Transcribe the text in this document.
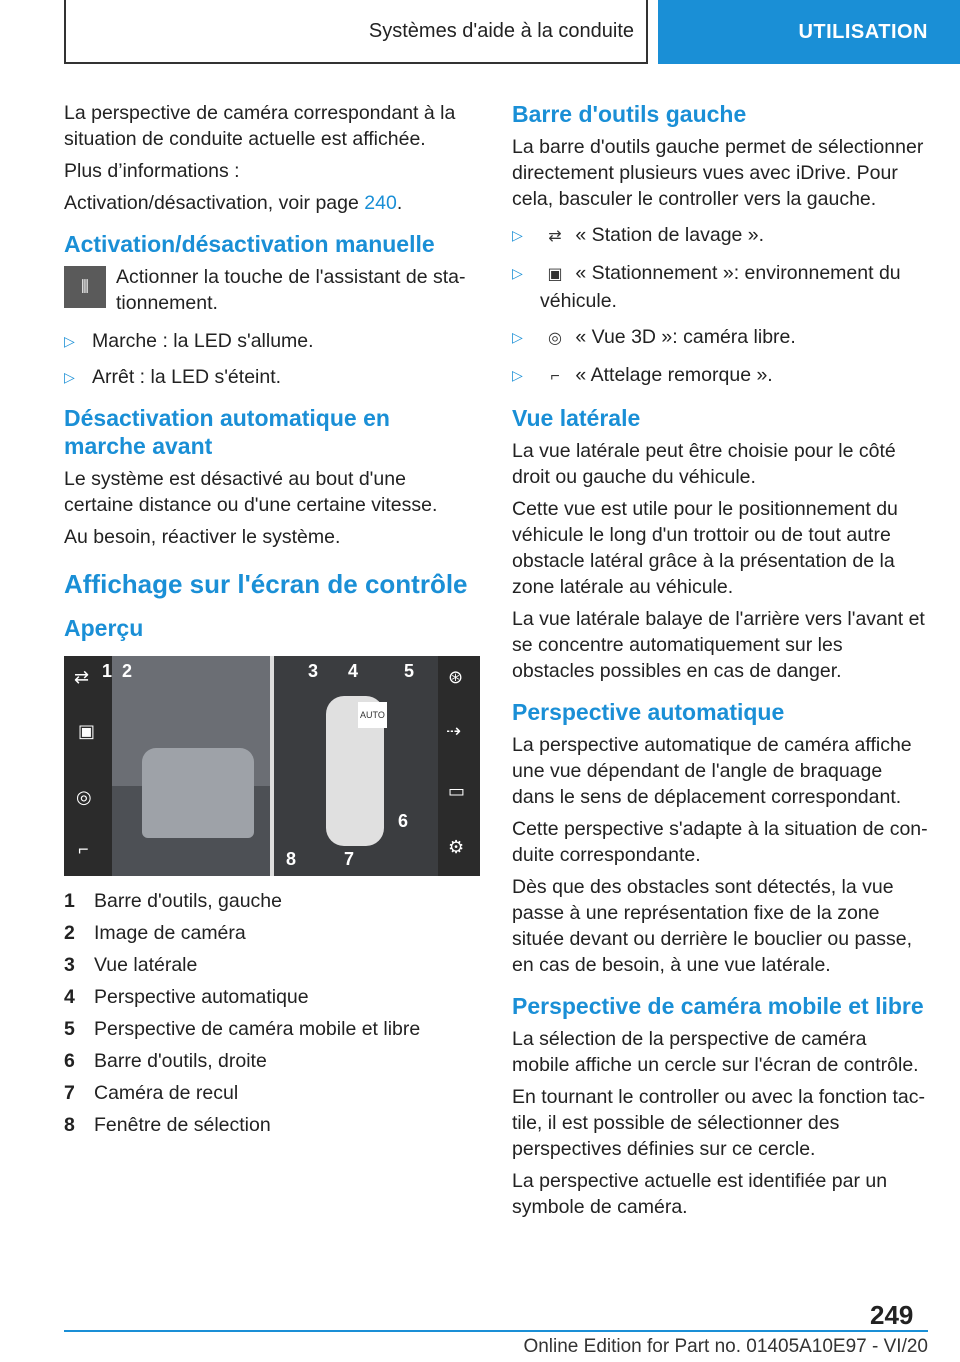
Systèmes d'aide à la conduite	UTILISATION

La perspective de caméra correspondant à la situation de conduite actuelle est affichée.

Plus d’informations :

Activation/désactivation, voir page 240.

Activation/désactivation manuelle
⦀	Actionner la touche de l'assistant de stationnement.
▷ Marche : la LED s'allume.
▷ Arrêt : la LED s'éteint.
Désactivation automatique en marche avant

Le système est désactivé au bout d'une certaine distance ou d'une certaine vitesse.

Au besoin, réactiver le système.

Affichage sur l'écran de contrôle
Aperçu
⇄
▣
◎
⌐
⊛
⇢
▭
⚙
AUTO
1 2	3 4	5
6
7
8
1 Barre d'outils, gauche
2 Image de caméra
3 Vue latérale
4 Perspective automatique
5 Perspective de caméra mobile et libre
6 Barre d'outils, droite
7 Caméra de recul
8 Fenêtre de sélection
Barre d'outils gauche

La barre d'outils gauche permet de sélectionner directement plusieurs vues avec iDrive. Pour cela, basculer le controller vers la gauche.

▷	⇄ « Station de lavage ».
▷	▣ « Stationnement »: environnement du véhicule.
▷	◎ « Vue 3D »: caméra libre.
▷	⌐ « Attelage remorque ».
Vue latérale

La vue latérale peut être choisie pour le côté droit ou gauche du véhicule.

Cette vue est utile pour le positionnement du véhicule le long d'un trottoir ou de tout autre obstacle latéral grâce à la présentation de la zone latérale au véhicule.

La vue latérale balaye de l'arrière vers l'avant et se concentre automatiquement sur les obstacles possibles en cas de danger.

Perspective automatique

La perspective automatique de caméra affiche une vue dépendant de l'angle de braquage dans le sens de déplacement correspondant.

Cette perspective s'adapte à la situation de conduite correspondante.

Dès que des obstacles sont détectés, la vue passe à une représentation fixe de la zone située devant ou derrière le bouclier ou passe, en cas de besoin, à une vue latérale.

Perspective de caméra mobile et libre

La sélection de la perspective de caméra mobile affiche un cercle sur l'écran de contrôle.

En tournant le controller ou avec la fonction tactile, il est possible de sélectionner des perspectives définies sur ce cercle.

La perspective actuelle est identifiée par un symbole de caméra.

249
Online Edition for Part no. 01405A10E97 - VI/20
